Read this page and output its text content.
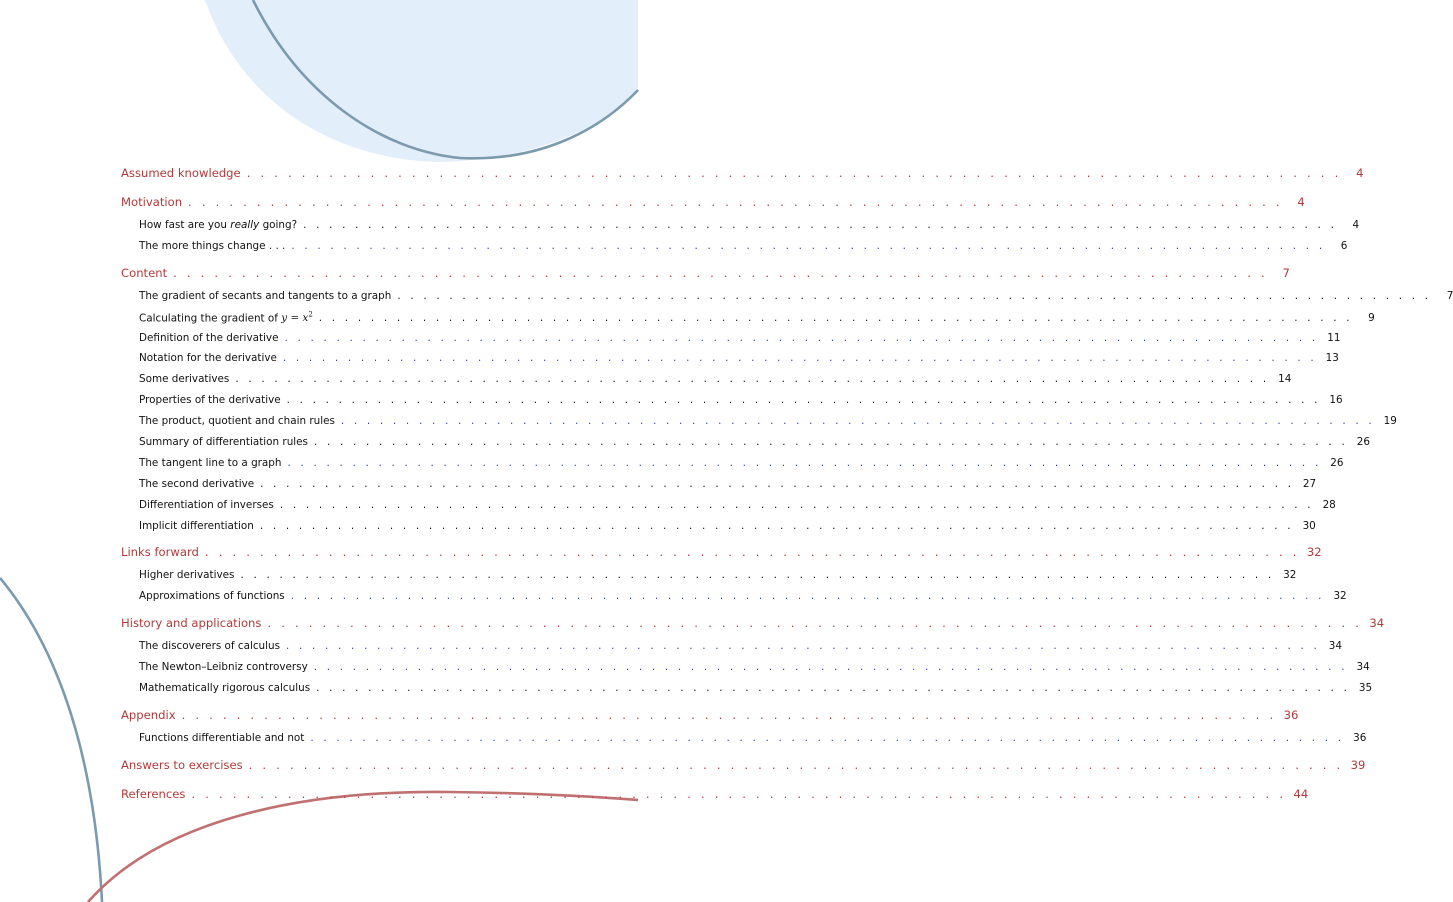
Assumed knowledge . . . . . . . . . . . . . . . . . . . . . . . . . . . . . . . . . . . . . . . . . . . . . . . . . . . . . . . . . . . . . . . . . . . . . . . . . . . . . . . .	4
Motivation . . . . . . . . . . . . . . . . . . . . . . . . . . . . . . . . . . . . . . . . . . . . . . . . . . . . . . . . . . . . . . . . . . . . . . . . . . . . . . . .	4
How fast are you really going? . . . . . . . . . . . . . . . . . . . . . . . . . . . . . . . . . . . . . . . . . . . . . . . . . . . . . . . . . . . . . . . . . . . . . . . . . . . . . . . .	4
The more things change . . . . . . . . . . . . . . . . . . . . . . . . . . . . . . . . . . . . . . . . . . . . . . . . . . . . . . . . . . . . . . . . . . . . . . . . . . . . . . . . . . .	6
Content . . . . . . . . . . . . . . . . . . . . . . . . . . . . . . . . . . . . . . . . . . . . . . . . . . . . . . . . . . . . . . . . . . . . . . . . . . . . . . . .	7
The gradient of secants and tangents to a graph . . . . . . . . . . . . . . . . . . . . . . . . . . . . . . . . . . . . . . . . . . . . . . . . . . . . . . . . . . . . . . . . . . . . . . . . . . . . . . . .	7
Calculating the gradient of $y = x^2$ . . . . . . . . . . . . . . . . . . . . . . . . . . . . . . . . . . . . . . . . . . . . . . . . . . . . . . . . . . . . . . . . . . . . . . . . . . . . . . . .	9
Definition of the derivative . . . . . . . . . . . . . . . . . . . . . . . . . . . . . . . . . . . . . . . . . . . . . . . . . . . . . . . . . . . . . . . . . . . . . . . . . . . . . . . . 11
Notation for the derivative . . . . . . . . . . . . . . . . . . . . . . . . . . . . . . . . . . . . . . . . . . . . . . . . . . . . . . . . . . . . . . . . . . . . . . . . . . . . . . . . 13
Some derivatives . . . . . . . . . . . . . . . . . . . . . . . . . . . . . . . . . . . . . . . . . . . . . . . . . . . . . . . . . . . . . . . . . . . . . . . . . . . . . . . . 14
Properties of the derivative . . . . . . . . . . . . . . . . . . . . . . . . . . . . . . . . . . . . . . . . . . . . . . . . . . . . . . . . . . . . . . . . . . . . . . . . . . . . . . . . 16
The product, quotient and chain rules . . . . . . . . . . . . . . . . . . . . . . . . . . . . . . . . . . . . . . . . . . . . . . . . . . . . . . . . . . . . . . . . . . . . . . . . . . . . . . . . 19
Summary of differentiation rules . . . . . . . . . . . . . . . . . . . . . . . . . . . . . . . . . . . . . . . . . . . . . . . . . . . . . . . . . . . . . . . . . . . . . . . . . . . . . . . . 26
The tangent line to a graph . . . . . . . . . . . . . . . . . . . . . . . . . . . . . . . . . . . . . . . . . . . . . . . . . . . . . . . . . . . . . . . . . . . . . . . . . . . . . . . . 26
The second derivative . . . . . . . . . . . . . . . . . . . . . . . . . . . . . . . . . . . . . . . . . . . . . . . . . . . . . . . . . . . . . . . . . . . . . . . . . . . . . . . . 27
Differentiation of inverses . . . . . . . . . . . . . . . . . . . . . . . . . . . . . . . . . . . . . . . . . . . . . . . . . . . . . . . . . . . . . . . . . . . . . . . . . . . . . . . . 28
Implicit differentiation . . . . . . . . . . . . . . . . . . . . . . . . . . . . . . . . . . . . . . . . . . . . . . . . . . . . . . . . . . . . . . . . . . . . . . . . . . . . . . . . 30
Links forward . . . . . . . . . . . . . . . . . . . . . . . . . . . . . . . . . . . . . . . . . . . . . . . . . . . . . . . . . . . . . . . . . . . . . . . . . . . . . . . . 32
Higher derivatives . . . . . . . . . . . . . . . . . . . . . . . . . . . . . . . . . . . . . . . . . . . . . . . . . . . . . . . . . . . . . . . . . . . . . . . . . . . . . . . . 32
Approximations of functions . . . . . . . . . . . . . . . . . . . . . . . . . . . . . . . . . . . . . . . . . . . . . . . . . . . . . . . . . . . . . . . . . . . . . . . . . . . . . . . . 32
History and applications . . . . . . . . . . . . . . . . . . . . . . . . . . . . . . . . . . . . . . . . . . . . . . . . . . . . . . . . . . . . . . . . . . . . . . . . . . . . . . . . 34
The discoverers of calculus . . . . . . . . . . . . . . . . . . . . . . . . . . . . . . . . . . . . . . . . . . . . . . . . . . . . . . . . . . . . . . . . . . . . . . . . . . . . . . . . 34
The Newton–Leibniz controversy . . . . . . . . . . . . . . . . . . . . . . . . . . . . . . . . . . . . . . . . . . . . . . . . . . . . . . . . . . . . . . . . . . . . . . . . . . . . . . . . 34
Mathematically rigorous calculus . . . . . . . . . . . . . . . . . . . . . . . . . . . . . . . . . . . . . . . . . . . . . . . . . . . . . . . . . . . . . . . . . . . . . . . . . . . . . . . . 35
Appendix . . . . . . . . . . . . . . . . . . . . . . . . . . . . . . . . . . . . . . . . . . . . . . . . . . . . . . . . . . . . . . . . . . . . . . . . . . . . . . . . 36
Functions differentiable and not . . . . . . . . . . . . . . . . . . . . . . . . . . . . . . . . . . . . . . . . . . . . . . . . . . . . . . . . . . . . . . . . . . . . . . . . . . . . . . . . 36
Answers to exercises . . . . . . . . . . . . . . . . . . . . . . . . . . . . . . . . . . . . . . . . . . . . . . . . . . . . . . . . . . . . . . . . . . . . . . . . . . . . . . . . 39
References . . . . . . . . . . . . . . . . . . . . . . . . . . . . . . . . . . . . . . . . . . . . . . . . . . . . . . . . . . . . . . . . . . . . . . . . . . . . . . . . 44
